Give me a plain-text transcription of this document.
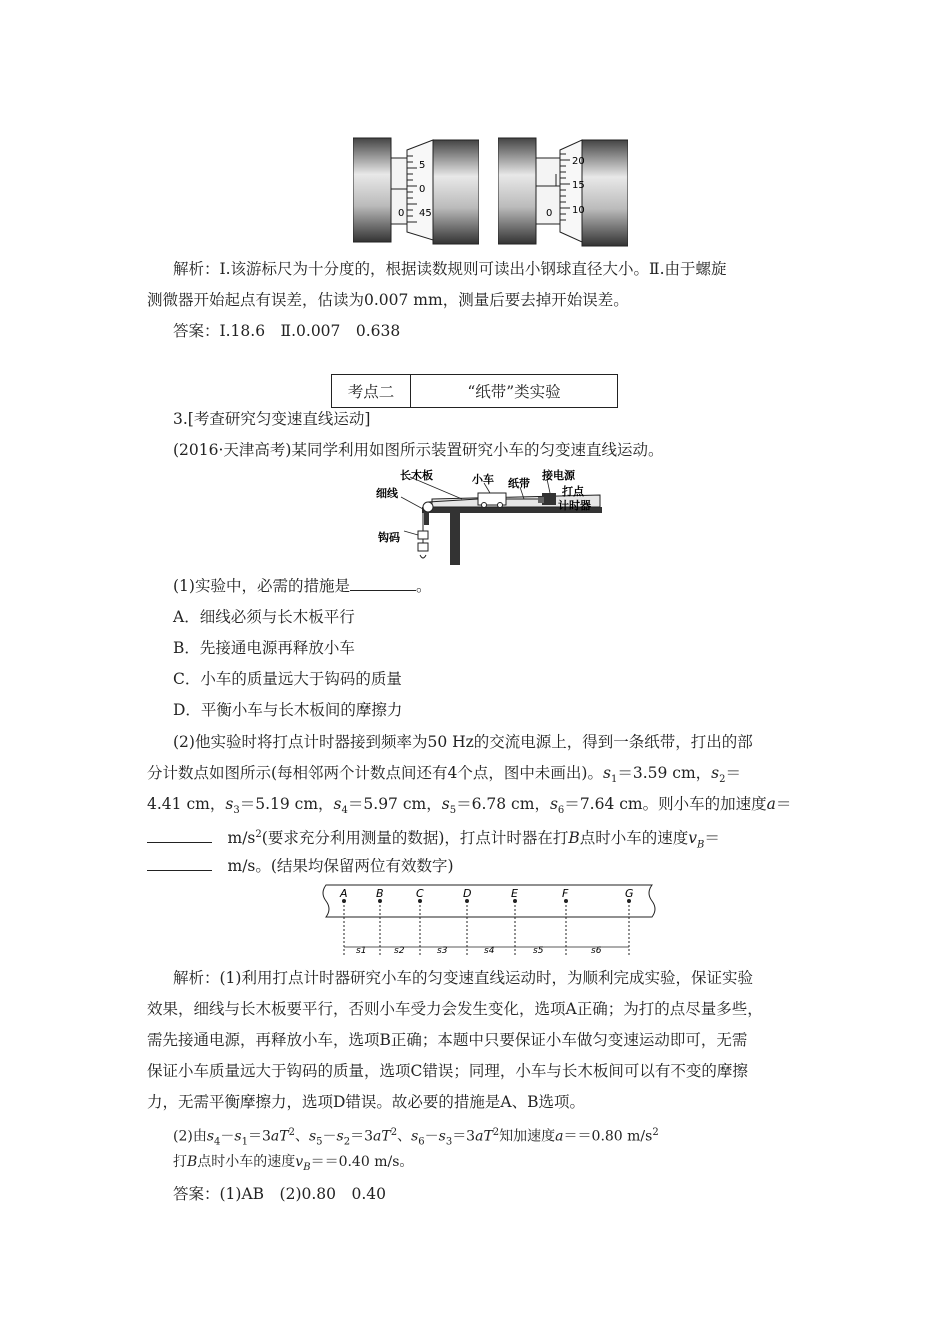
5
0
45
0
20
15
10
0
解析：Ⅰ.该游标尺为十分度的，根据读数规则可读出小钢球直径大小。Ⅱ.由于螺旋
测微器开始起点有误差，估读为0.007 mm，测量后要去掉开始误差。
答案：Ⅰ.18.6　Ⅱ.0.007　0.638
考点二	“纸带”类实验
3.[考查研究匀变速直线运动]
(2016·天津高考)某同学利用如图所示装置研究小车的匀变速直线运动。
长木板	小车 纸带
接电源
打点
计时器
细线
钩码
(1)实验中，必需的措施是	。
A．细线必须与长木板平行
B．先接通电源再释放小车
C．小车的质量远大于钩码的质量
D．平衡小车与长木板间的摩擦力
(2)他实验时将打点计时器接到频率为50 Hz的交流电源上，得到一条纸带，打出的部
分计数点如图所示(每相邻两个计数点间还有4个点，图中未画出)。$s_1=3.59$ cm，$s_2=$
4.41 cm，$s_3=5.19$ cm，$s_4=5.97$ cm，$s_5=6.78$ cm，$s_6=7.64$ cm。则小车的加速度a＝
　$m/s^2$(要求充分利用测量的数据)，打点计时器在打B点时小车的速度$v_B=$
　m/s。(结果均保留两位有效数字)
A	B	C	D	E	F	G
s1	s2	s3	s4	s5	s6
解析：(1)利用打点计时器研究小车的匀变速直线运动时，为顺利完成实验，保证实验
效果，细线与长木板要平行，否则小车受力会发生变化，选项A正确；为打的点尽量多些，
需先接通电源，再释放小车，选项B正确；本题中只要保证小车做匀变速运动即可，无需
保证小车质量远大于钩码的质量，选项C错误；同理，小车与长木板间可以有不变的摩擦
力，无需平衡摩擦力，选项D错误。故必要的措施是A、B选项。
(2)由$s_4-s_1=3aT^2$、$s_5-s_2=3aT^2$、$s_6-s_3=3aT^2$知加速度a＝＝0.80 $m/s^2$
打B点时小车的速度$v_B==0.40$ m/s。
答案：(1)AB　(2)0.80　0.40
